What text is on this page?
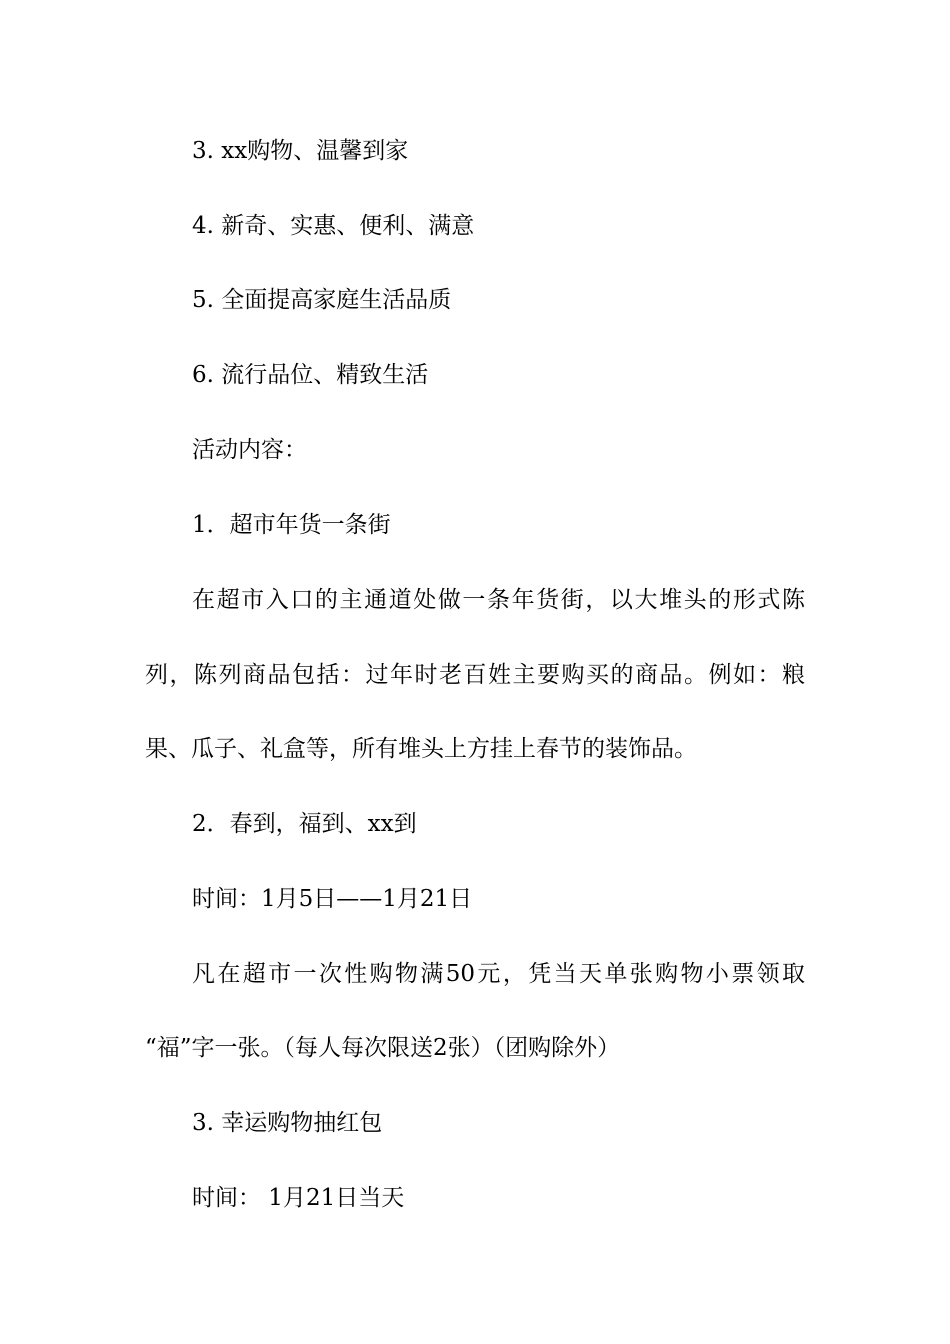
3. xx购物、温馨到家
4. 新奇、实惠、便利、满意
5. 全面提高家庭生活品质
6. 流行品位、精致生活
活动内容：
1．超市年货一条街
在超市入口的主通道处做一条年货街，以大堆头的形式陈
列，陈列商品包括：过年时老百姓主要购买的商品。例如：粮
果、瓜子、礼盒等，所有堆头上方挂上春节的装饰品。
2．春到，福到、xx到
时间：1月5日——1月21日
凡在超市一次性购物满50元，凭当天单张购物小票领取
“福”字一张。（每人每次限送2张）（团购除外）
3. 幸运购物抽红包
时间： 1月21日当天
